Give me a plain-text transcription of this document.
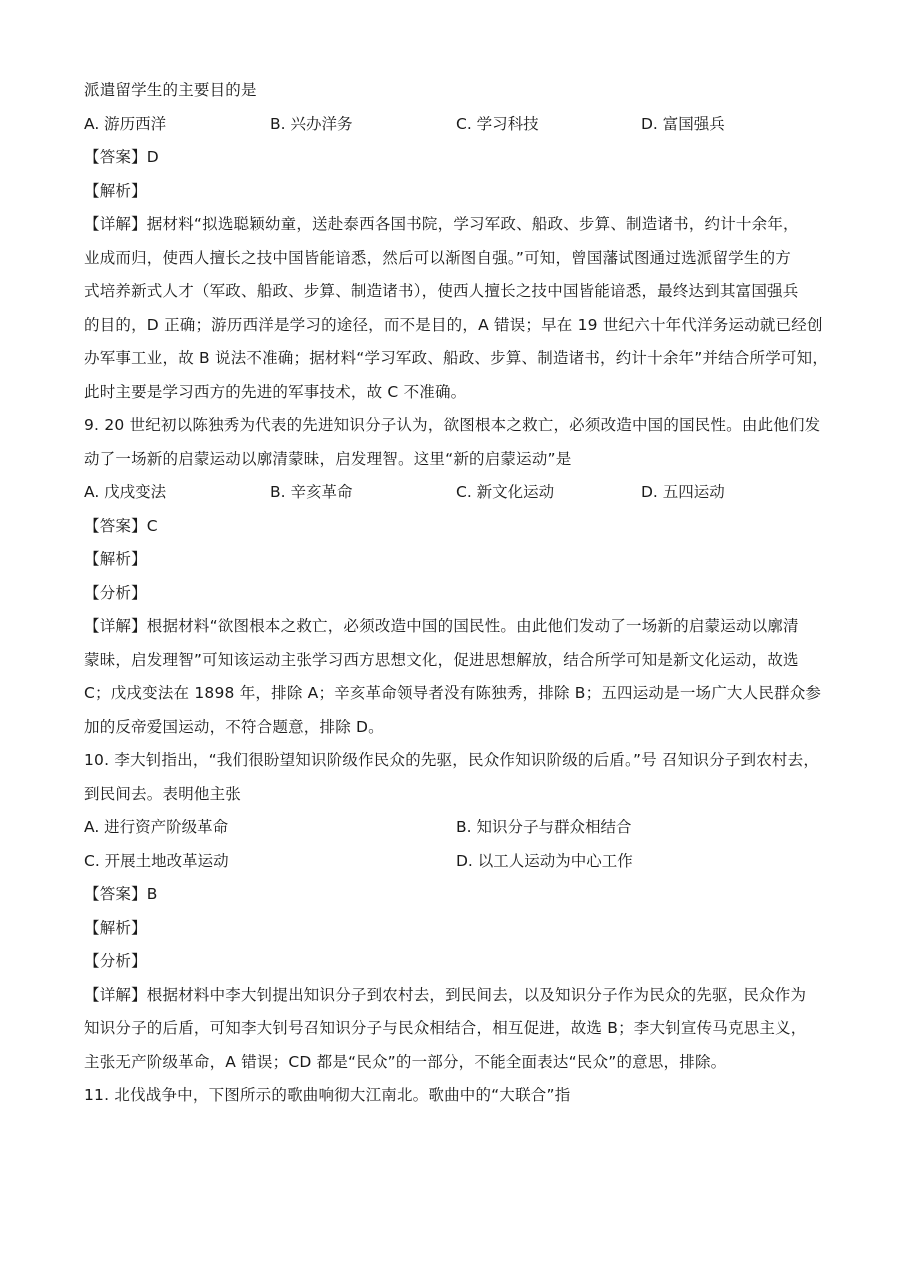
派遣留学生的主要目的是
A. 游历西洋	B. 兴办洋务	C. 学习科技	D. 富国强兵
【答案】D
【解析】
【详解】据材料“拟选聪颖幼童，送赴泰西各国书院，学习军政、船政、步算、制造诸书，约计十余年，
业成而归，使西人擅长之技中国皆能谙悉，然后可以渐图自强。”可知，曾国藩试图通过选派留学生的方
式培养新式人才（军政、船政、步算、制造诸书），使西人擅长之技中国皆能谙悉，最终达到其富国强兵
的目的，D 正确；游历西洋是学习的途径，而不是目的，A 错误；早在 19 世纪六十年代洋务运动就已经创
办军事工业，故 B 说法不准确；据材料“学习军政、船政、步算、制造诸书，约计十余年”并结合所学可知，
此时主要是学习西方的先进的军事技术，故 C 不准确。
9. 20 世纪初以陈独秀为代表的先进知识分子认为，欲图根本之救亡，必须改造中国的国民性。由此他们发
动了一场新的启蒙运动以廓清蒙昧，启发理智。这里“新的启蒙运动”是
A. 戊戌变法	B. 辛亥革命	C. 新文化运动	D. 五四运动
【答案】C
【解析】
【分析】
【详解】根据材料“欲图根本之救亡，必须改造中国的国民性。由此他们发动了一场新的启蒙运动以廓清
蒙昧，启发理智”可知该运动主张学习西方思想文化，促进思想解放，结合所学可知是新文化运动，故选
C；戊戌变法在 1898 年，排除 A；辛亥革命领导者没有陈独秀，排除 B；五四运动是一场广大人民群众参
加的反帝爱国运动，不符合题意，排除 D。
10. 李大钊指出，“我们很盼望知识阶级作民众的先驱，民众作知识阶级的后盾。”号 召知识分子到农村去，
到民间去。表明他主张
A. 进行资产阶级革命	B. 知识分子与群众相结合
C. 开展土地改革运动	D. 以工人运动为中心工作
【答案】B
【解析】
【分析】
【详解】根据材料中李大钊提出知识分子到农村去，到民间去，以及知识分子作为民众的先驱，民众作为
知识分子的后盾，可知李大钊号召知识分子与民众相结合，相互促进，故选 B；李大钊宣传马克思主义，
主张无产阶级革命，A 错误；CD 都是“民众”的一部分，不能全面表达“民众”的意思，排除。
11. 北伐战争中，下图所示的歌曲响彻大江南北。歌曲中的“大联合”指
